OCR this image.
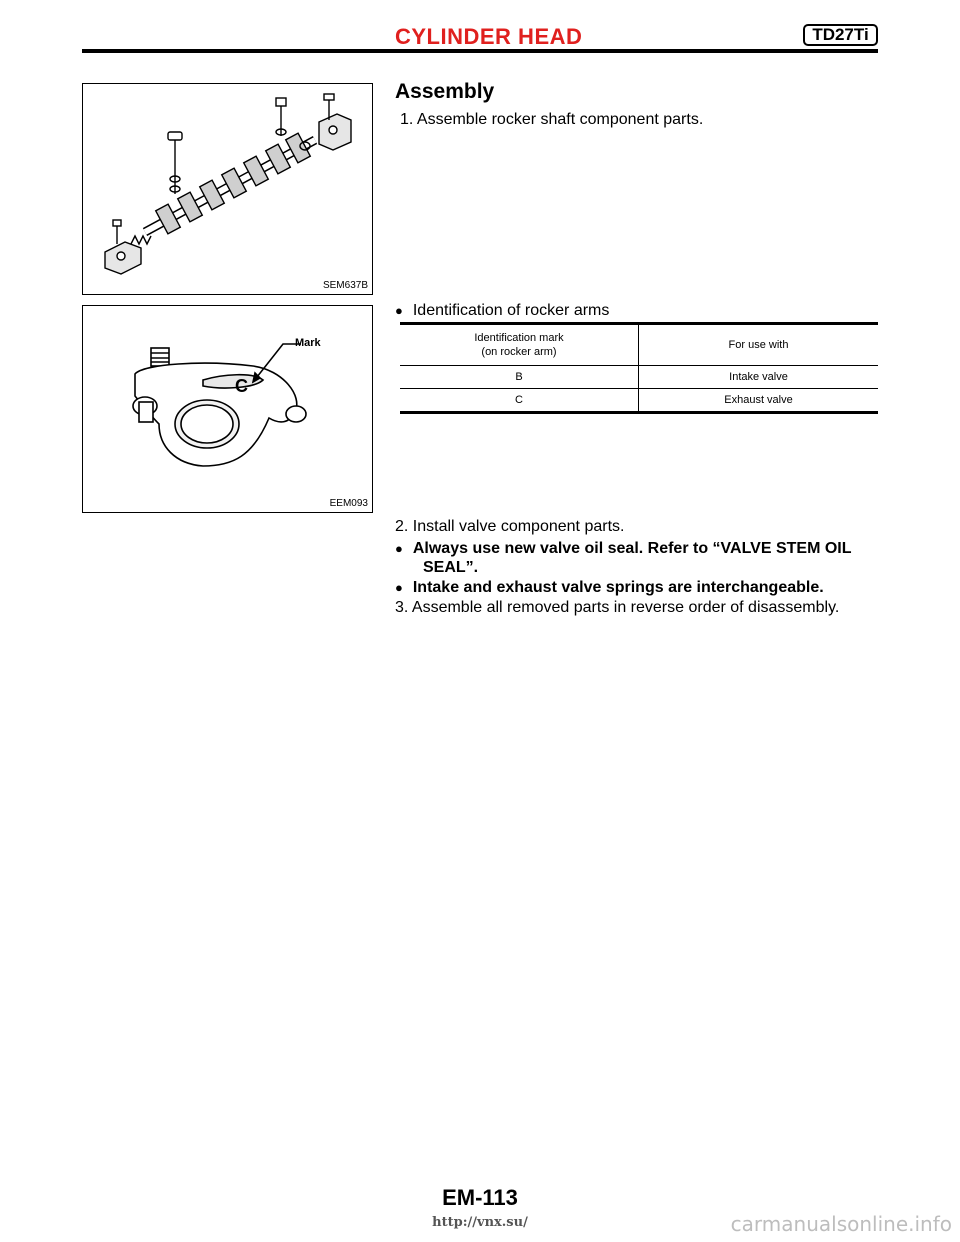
CYLINDER HEAD	TD27Ti
SEM637B
Mark
C
EEM093
Assembly
1. Assemble rocker shaft component parts.
● Identification of rocker arms
Identification mark
(on rocker arm)	For use with
B	Intake valve
C	Exhaust valve
2. Install valve component parts.
● Always use new valve oil seal. Refer to “VALVE STEM OIL
SEAL”.
● Intake and exhaust valve springs are interchangeable.
3. Assemble all removed parts in reverse order of disassembly.
EM-113
http://vnx.su/	carmanualsonline.info
